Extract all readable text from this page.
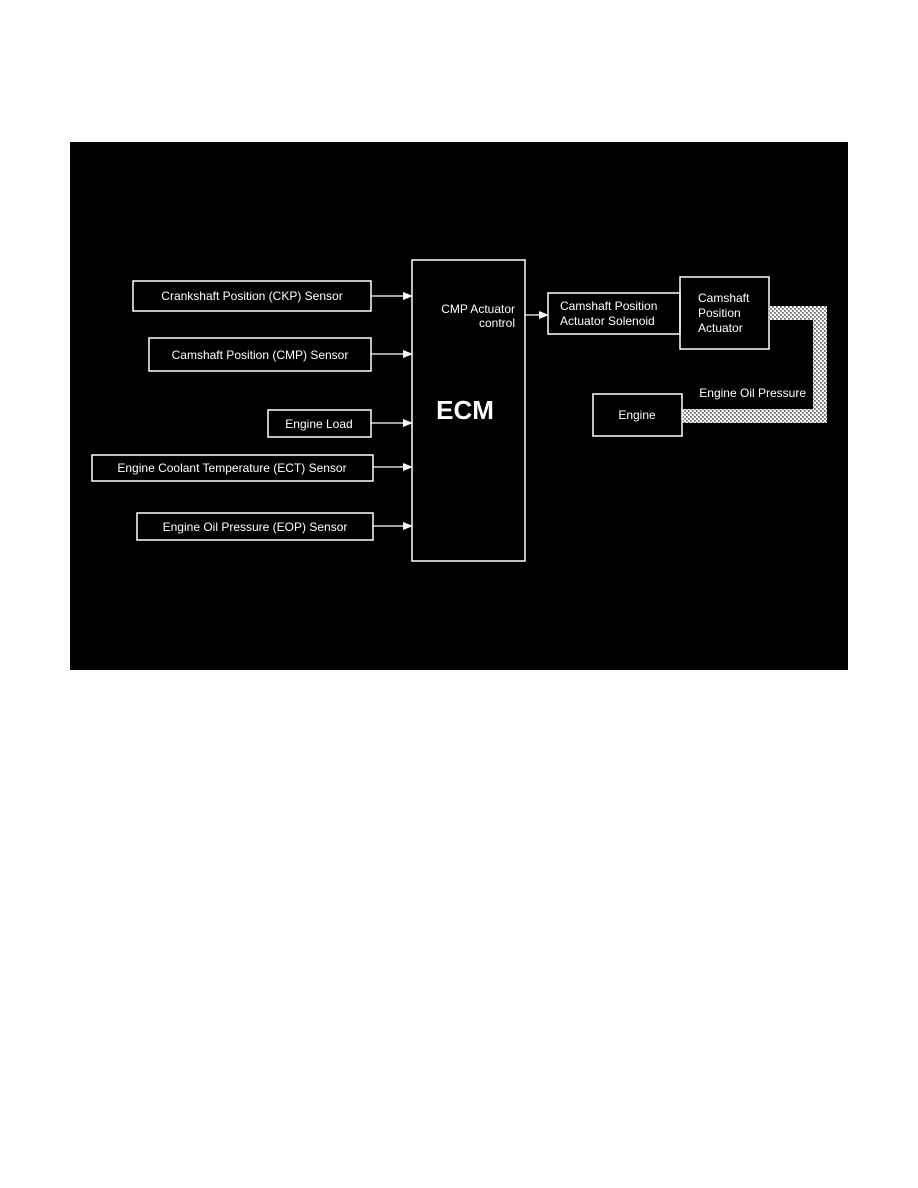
Crankshaft Position (CKP) Sensor
Camshaft Position (CMP) Sensor
Engine Load
Engine Coolant Temperature (ECT) Sensor
Engine Oil Pressure (EOP) Sensor
CMP Actuator
control
ECM
Camshaft Position
Actuator Solenoid
Camshaft
Position
Actuator
Engine Oil Pressure
Engine
